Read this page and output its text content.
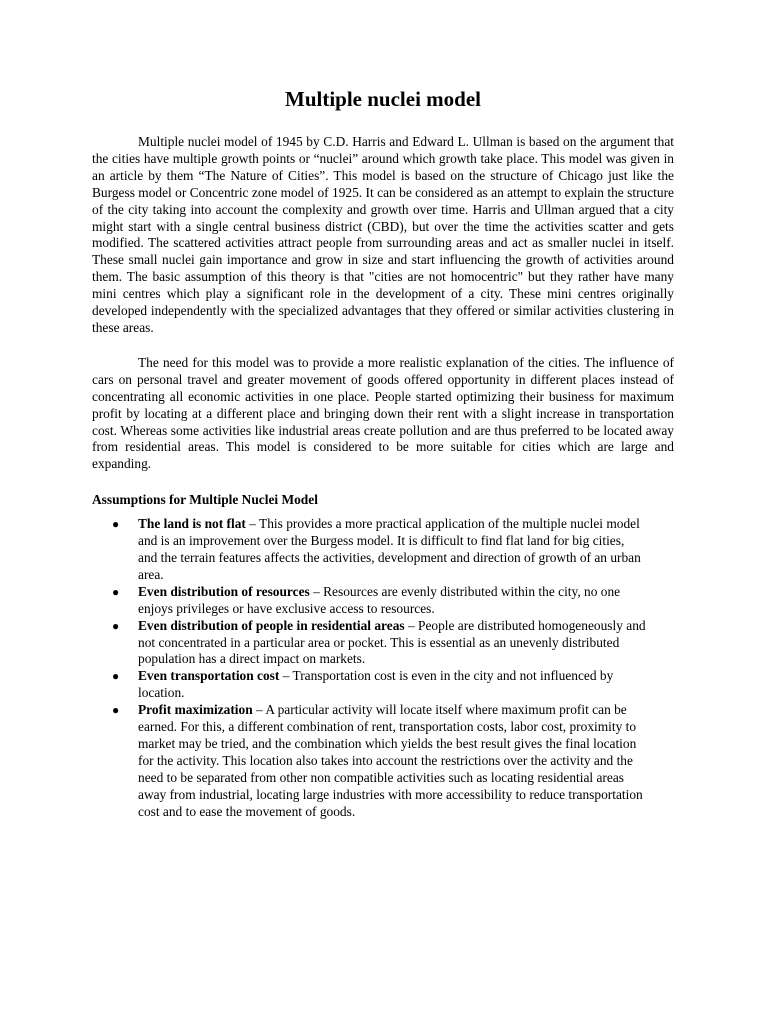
Multiple nuclei model

Multiple nuclei model of 1945 by C.D. Harris and Edward L. Ullman is based on the argument that the cities have multiple growth points or “nuclei” around which growth take place. This model was given in an article by them “The Nature of Cities”. This model is based on the structure of Chicago just like the Burgess model or Concentric zone model of 1925. It can be considered as an attempt to explain the structure of the city taking into account the complexity and growth over time. Harris and Ullman argued that a city might start with a single central business district (CBD), but over the time the activities scatter and gets modified. The scattered activities attract people from surrounding areas and act as smaller nuclei in itself. These small nuclei gain importance and grow in size and start influencing the growth of activities around them. The basic assumption of this theory is that "cities are not homocentric" but they rather have many mini centres which play a significant role in the development of a city. These mini centres originally developed independently with the specialized advantages that they offered or similar activities clustering in these areas.

The need for this model was to provide a more realistic explanation of the cities. The influence of cars on personal travel and greater movement of goods offered opportunity in different places instead of concentrating all economic activities in one place. People started optimizing their business for maximum profit by locating at a different place and bringing down their rent with a slight increase in transportation cost. Whereas some activities like industrial areas create pollution and are thus preferred to be located away from residential areas. This model is considered to be more suitable for cities which are large and expanding.

Assumptions for Multiple Nuclei Model
● The land is not flat – This provides a more practical application of the multiple nuclei model and is an improvement over the Burgess model. It is difficult to find flat land for big cities, and the terrain features affects the activities, development and direction of growth of an urban area.
● Even distribution of resources – Resources are evenly distributed within the city, no one enjoys privileges or have exclusive access to resources.
● Even distribution of people in residential areas – People are distributed homogeneously and not concentrated in a particular area or pocket. This is essential as an unevenly distributed population has a direct impact on markets.
● Even transportation cost – Transportation cost is even in the city and not influenced by location.
● Profit maximization – A particular activity will locate itself where maximum profit can be earned. For this, a different combination of rent, transportation costs, labor cost, proximity to market may be tried, and the combination which yields the best result gives the final location for the activity. This location also takes into account the restrictions over the activity and the need to be separated from other non compatible activities such as locating residential areas away from industrial, locating large industries with more accessibility to reduce transportation cost and to ease the movement of goods.
